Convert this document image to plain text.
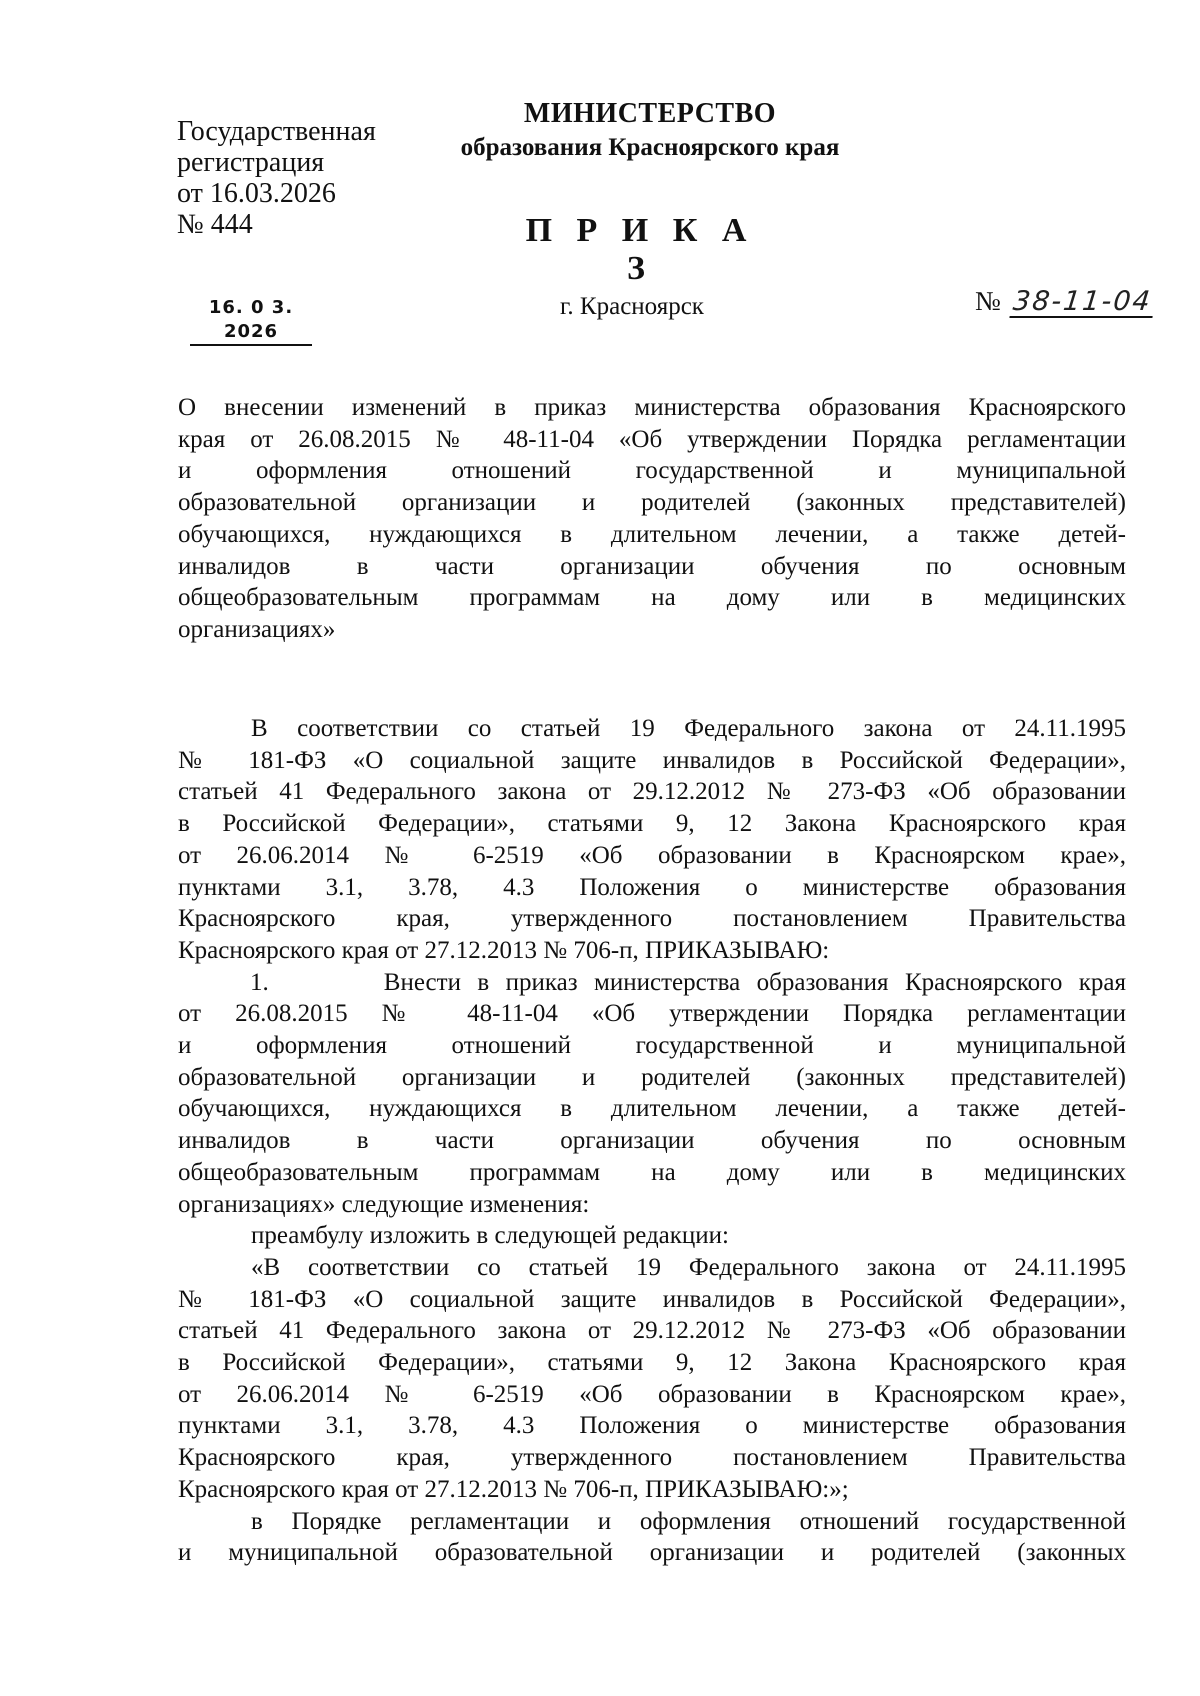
Государственная
регистрация
от 16.03.2026
№ 444
МИНИСТЕРСТВО
образования Красноярского края
П Р И К А З
16. 0 3. 2026
г. Красноярск	№ 38-11-04
О внесении изменений в приказ министерства образования Красноярского
края от 26.08.2015 № 48-11-04 «Об утверждении Порядка регламентации
и оформления отношений государственной и муниципальной
образовательной организации и родителей (законных представителей)
обучающихся, нуждающихся в длительном лечении, а также детей-
инвалидов в части организации обучения по основным
общеобразовательным программам на дому или в медицинских
организациях»
В соответствии со статьей 19 Федерального закона от 24.11.1995
№ 181-ФЗ «О социальной защите инвалидов в Российской Федерации»,
статьей 41 Федерального закона от 29.12.2012 № 273-ФЗ «Об образовании
в Российской Федерации», статьями 9, 12 Закона Красноярского края
от 26.06.2014 № 6-2519 «Об образовании в Красноярском крае»,
пунктами 3.1, 3.78, 4.3 Положения о министерстве образования
Красноярского края, утвержденного постановлением Правительства
Красноярского края от 27.12.2013 № 706-п, ПРИКАЗЫВАЮ:
1.       Внести в приказ министерства образования Красноярского края
от 26.08.2015 № 48-11-04 «Об утверждении Порядка регламентации
и оформления отношений государственной и муниципальной
образовательной организации и родителей (законных представителей)
обучающихся, нуждающихся в длительном лечении, а также детей-
инвалидов в части организации обучения по основным
общеобразовательным программам на дому или в медицинских
организациях» следующие изменения:
преамбулу изложить в следующей редакции:
«В соответствии со статьей 19 Федерального закона от 24.11.1995
№ 181-ФЗ «О социальной защите инвалидов в Российской Федерации»,
статьей 41 Федерального закона от 29.12.2012 № 273-ФЗ «Об образовании
в Российской Федерации», статьями 9, 12 Закона Красноярского края
от 26.06.2014 № 6-2519 «Об образовании в Красноярском крае»,
пунктами 3.1, 3.78, 4.3 Положения о министерстве образования
Красноярского края, утвержденного постановлением Правительства
Красноярского края от 27.12.2013 № 706-п, ПРИКАЗЫВАЮ:»;
в Порядке регламентации и оформления отношений государственной
и муниципальной образовательной организации и родителей (законных
